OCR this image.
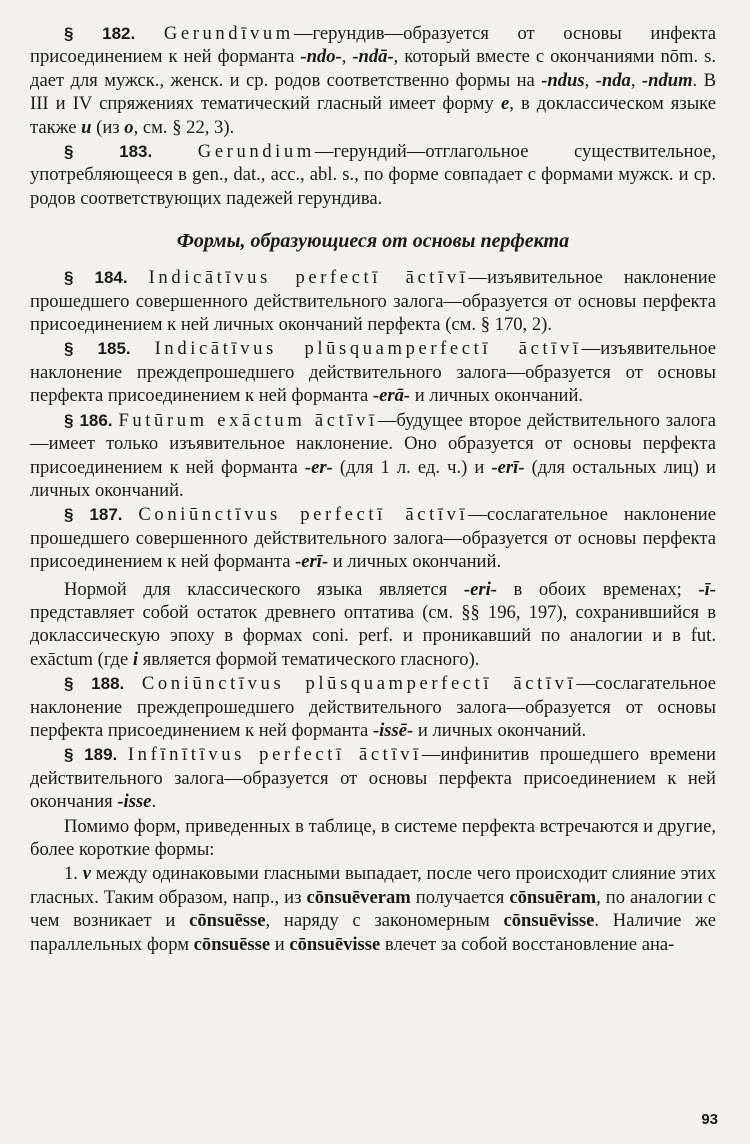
§ 182. Gerundīvum—герундив—образуется от основы инфекта присоединением к ней форманта -ndo-, -ndā-, который вместе с окончаниями nōm. s. дает для мужск., женск. и ср. родов соответственно формы на -ndus, -nda, -ndum. В III и IV спряжениях тематический гласный имеет форму e, в доклассическом языке также u (из o, см. § 22, 3).

§ 183. Gerundium—герундий—отглагольное существительное, употребляющееся в gen., dat., acc., abl. s., по форме совпадает с формами мужск. и ср. родов соответствующих падежей герундива.

Формы, образующиеся от основы перфекта

§ 184. Indicātīvus perfectī āctīvī—изъявительное наклонение прошедшего совершенного действительного залога—образуется от основы перфекта присоединением к ней личных окончаний перфекта (см. § 170, 2).

§ 185. Indicātīvus plūsquamperfectī āctīvī—изъявительное наклонение преждепрошедшего действительного залога—образуется от основы перфекта присоединением к ней форманта -erā- и личных окончаний.

§ 186. Futūrum exāctum āctīvī—будущее второе действительного залога—имеет только изъявительное наклонение. Оно образуется от основы перфекта присоединением к ней форманта -er- (для 1 л. ед. ч.) и -erī- (для остальных лиц) и личных окончаний.

§ 187. Coniūnctīvus perfectī āctīvī—сослагательное наклонение прошедшего совершенного действительного залога—образуется от основы перфекта присоединением к ней форманта -erī- и личных окончаний.

Нормой для классического языка является -eri- в обоих временах; -ī- представляет собой остаток древнего оптатива (см. §§ 196, 197), сохранившийся в доклассическую эпоху в формах coni. perf. и проникавший по аналогии и в fut. exāctum (где i является формой тематического гласного).

§ 188. Coniūnctīvus plūsquamperfectī āctīvī—сослагательное наклонение преждепрошедшего действительного залога—образуется от основы перфекта присоединением к ней форманта -issē- и личных окончаний.

§ 189. Infīnītīvus perfectī āctīvī—инфинитив прошедшего времени действительного залога—образуется от основы перфекта присоединением к ней окончания -isse.

Помимо форм, приведенных в таблице, в системе перфекта встречаются и другие, более короткие формы:

1. v между одинаковыми гласными выпадает, после чего происходит слияние этих гласных. Таким образом, напр., из cōnsuēveram получается cōnsuēram, по аналогии с чем возникает и cōnsuēsse, наряду с закономерным cōnsuēvisse. Наличие же параллельных форм cōnsuēsse и cōnsuēvisse влечет за собой восстановление ана-

93
